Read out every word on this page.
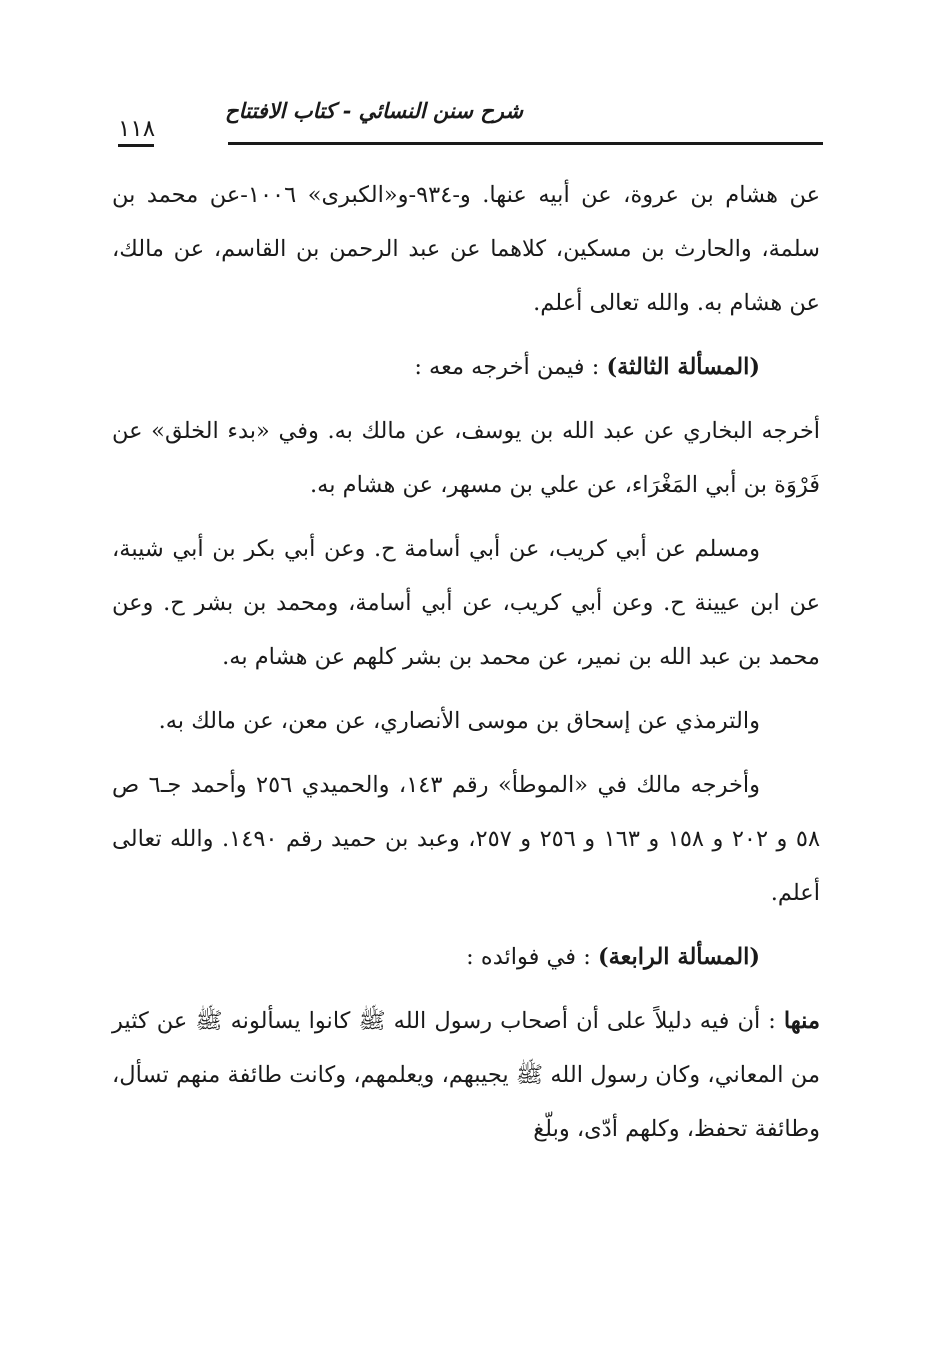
شرح سنن النسائي - كتاب الافتتاح
١١٨

عن هشام بن عروة، عن أبيه عنها. و-٩٣٤-و«الكبرى» ١٠٠٦-عن محمد بن سلمة، والحارث بن مسكين، كلاهما عن عبد الرحمن بن القاسم، عن مالك، عن هشام به. والله تعالى أعلم.

(المسألة الثالثة) : فيمن أخرجه معه :

أخرجه البخاري عن عبد الله بن يوسف، عن مالك به. وفي «بدء الخلق» عن فَرْوَة بن أبي المَغْرَاء، عن علي بن مسهر، عن هشام به.

ومسلم عن أبي كريب، عن أبي أسامة ح. وعن أبي بكر بن أبي شيبة، عن ابن عيينة ح. وعن أبي كريب، عن أبي أسامة، ومحمد بن بشر ح. وعن محمد بن عبد الله بن نمير، عن محمد بن بشر كلهم عن هشام به.

والترمذي عن إسحاق بن موسى الأنصاري، عن معن، عن مالك به.

وأخرجه مالك في «الموطأ» رقم ١٤٣، والحميدي ٢٥٦ وأحمد جـ٦ ص ٥٨ و ٢٠٢ و ١٥٨ و ١٦٣ و ٢٥٦ و ٢٥٧، وعبد بن حميد رقم ١٤٩٠. والله تعالى أعلم.

(المسألة الرابعة) : في فوائده :

منها : أن فيه دليلاً على أن أصحاب رسول الله ﷺ كانوا يسألونه ﷺ عن كثير من المعاني، وكان رسول الله ﷺ يجيبهم، ويعلمهم، وكانت طائفة منهم تسأل، وطائفة تحفظ، وكلهم أدّى، وبلّغ
